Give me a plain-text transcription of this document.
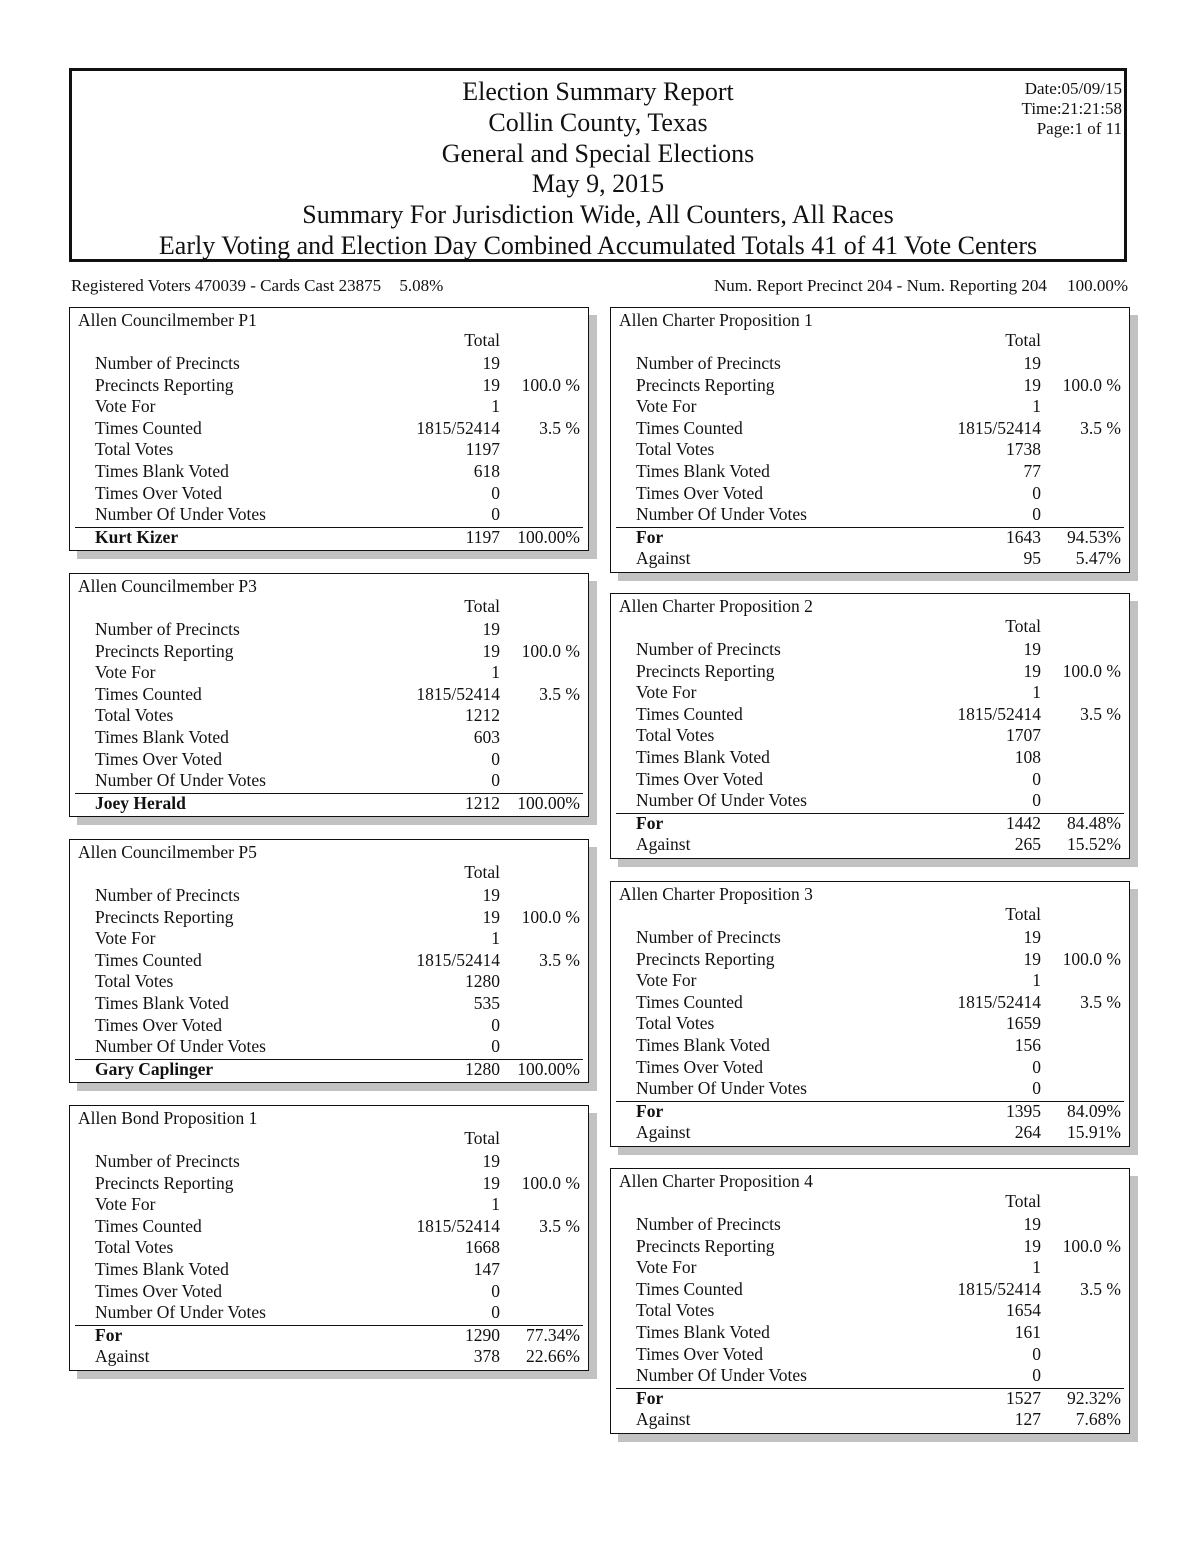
Election Summary Report
Collin County, Texas
General and Special Elections
May 9, 2015
Summary For Jurisdiction Wide, All Counters, All Races
Early Voting and Election Day Combined Accumulated Totals 41 of 41 Vote Centers
Date:05/09/15
Time:21:21:58
Page:1 of 11
Registered Voters 470039 - Cards Cast 23875 5.08%	Num. Report Precinct 204 - Num. Reporting 204 100.00%
Allen Councilmember P1
Total
Number of Precincts	19
Precincts Reporting	19 100.0 %
Vote For	1
Times Counted	1815/52414 3.5 %
Total Votes	1197
Times Blank Voted	618
Times Over Voted	0
Number Of Under Votes	0
Kurt Kizer	1197 100.00%
Allen Councilmember P3
Total
Number of Precincts	19
Precincts Reporting	19 100.0 %
Vote For	1
Times Counted	1815/52414 3.5 %
Total Votes	1212
Times Blank Voted	603
Times Over Voted	0
Number Of Under Votes	0
Joey Herald	1212 100.00%
Allen Councilmember P5
Total
Number of Precincts	19
Precincts Reporting	19 100.0 %
Vote For	1
Times Counted	1815/52414 3.5 %
Total Votes	1280
Times Blank Voted	535
Times Over Voted	0
Number Of Under Votes	0
Gary Caplinger	1280 100.00%
Allen Bond Proposition 1
Total
Number of Precincts	19
Precincts Reporting	19 100.0 %
Vote For	1
Times Counted	1815/52414 3.5 %
Total Votes	1668
Times Blank Voted	147
Times Over Voted	0
Number Of Under Votes	0
For	1290 77.34%
Against	378 22.66%
Allen Charter Proposition 1
Total
Number of Precincts	19
Precincts Reporting	19 100.0 %
Vote For	1
Times Counted	1815/52414 3.5 %
Total Votes	1738
Times Blank Voted	77
Times Over Voted	0
Number Of Under Votes	0
For	1643 94.53%
Against	95 5.47%
Allen Charter Proposition 2
Total
Number of Precincts	19
Precincts Reporting	19 100.0 %
Vote For	1
Times Counted	1815/52414 3.5 %
Total Votes	1707
Times Blank Voted	108
Times Over Voted	0
Number Of Under Votes	0
For	1442 84.48%
Against	265 15.52%
Allen Charter Proposition 3
Total
Number of Precincts	19
Precincts Reporting	19 100.0 %
Vote For	1
Times Counted	1815/52414 3.5 %
Total Votes	1659
Times Blank Voted	156
Times Over Voted	0
Number Of Under Votes	0
For	1395 84.09%
Against	264 15.91%
Allen Charter Proposition 4
Total
Number of Precincts	19
Precincts Reporting	19 100.0 %
Vote For	1
Times Counted	1815/52414 3.5 %
Total Votes	1654
Times Blank Voted	161
Times Over Voted	0
Number Of Under Votes	0
For	1527 92.32%
Against	127 7.68%
